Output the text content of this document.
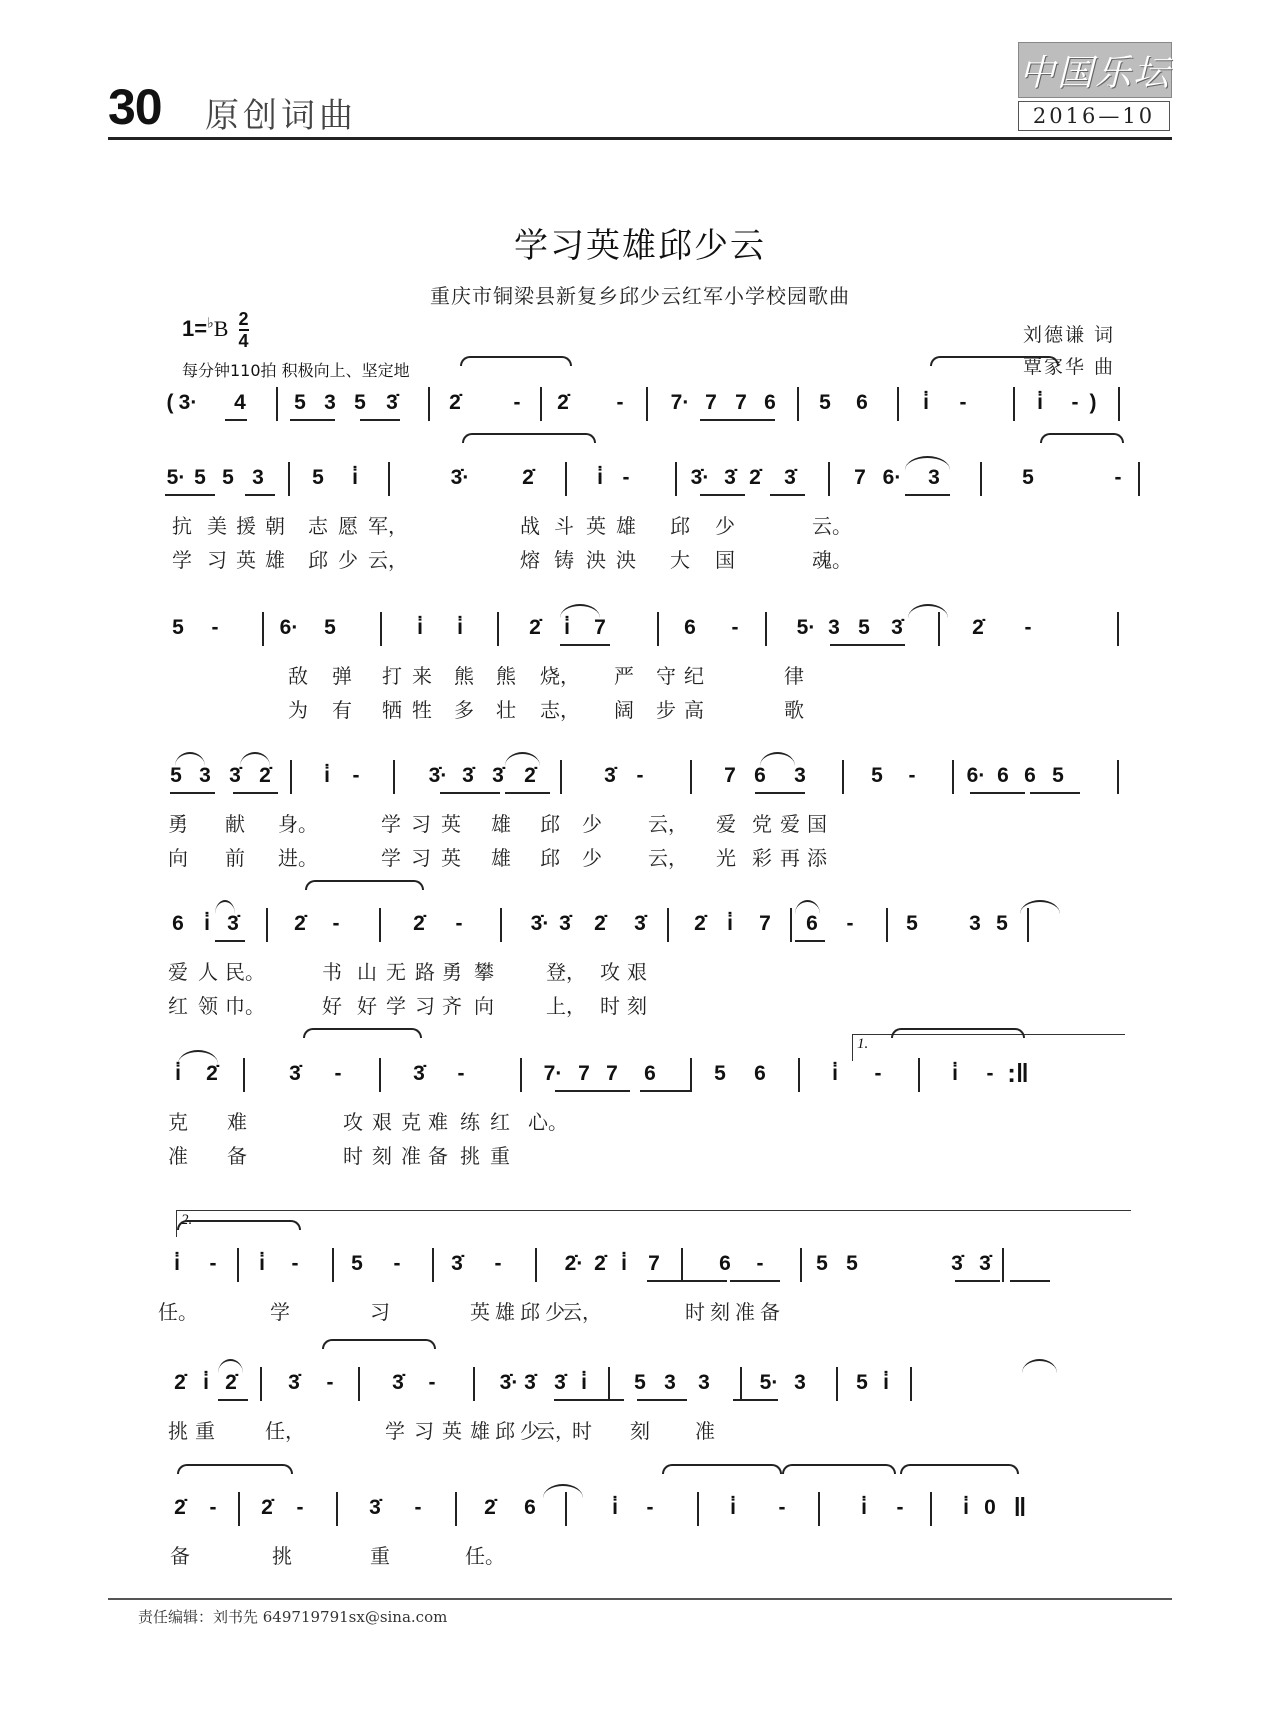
30 原创词曲
中国乐坛
2016—10
学习英雄邱少云
重庆市铜梁县新复乡邱少云红军小学校园歌曲
$1=^♭B \frac{2}{4}$
每分钟110拍 积极向上、坚定地
刘德谦 词
覃家华 曲
( 3· 4 5 3 5 3̇ 2̇	- 2̇ - 7· 7 7 6 5 6	i̇ -	i̇ - )
5· 5 5 3 5 i̇	3̇·	2̇	i̇ -	3̇· 3̇ 2̇ 3̇	7 6· 3	5	-
抗 美 援 朝 志 愿 军，	战 斗 英 雄 邱 少	云。
学 习 英 雄 邱 少 云，	熔 铸 泱 泱 大 国	魂。
5 -	6· 5	i̇ i̇	2̇ i̇ 7	6 -	5· 3 5 3̇	2̇ -
敌 弹 打 来 熊 熊 烧， 严 守 纪	律
为 有 牺 牲 多 壮 志， 阔 步 高	歌
5 3 3̇ 2̇	i̇ -	3̇· 3̇ 3̇ 2̇	3̇ -	7 6 3	5 - 6· 6 6 5
勇 献 身。	学 习 英 雄 邱 少 云， 爱 党 爱 国
向 前 进。	学 习 英 雄 邱 少 云， 光 彩 再 添
6 i̇ 3̇	2̇ -	2̇ -	3̇· 3̇ 2̇ 3̇ 2̇ i̇ 7 6 -	5 3 5
爱 人 民。	书 山 无 路 勇 攀	登， 攻 艰
红 领 巾。	好 好 学 习 齐 向	上， 时 刻
i̇ 2̇	3̇ -	3̇ -	7· 7 7 6	5 6	i̇ -	i̇ - :‖
克 难	攻 艰 克 难 练 红 心。
准 备	时 刻 准 备 挑 重
1.
i̇ - i̇ -	5 - 3̇ -	2̇· 2̇ i̇ 7	6 -	5 5	3̇ 3̇
任。	学	习	英 雄 邱 少
云，	时 刻 准 备
2.
2̇ i̇ 2̇ 3̇ -	3̇ -	3̇· 3̇ 3̇ i̇ 5 3 3 5· 3 5 i̇
挑 重	任，	学 习 英 雄 邱 少
云，
时 刻 准
2̇ - 2̇ -	3̇ -	2̇ 6	i̇ -	i̇ -	i̇ -	i̇ 0 ‖
备	挑	重	任。
责任编辑：刘书先 649719791sx@sina.com
